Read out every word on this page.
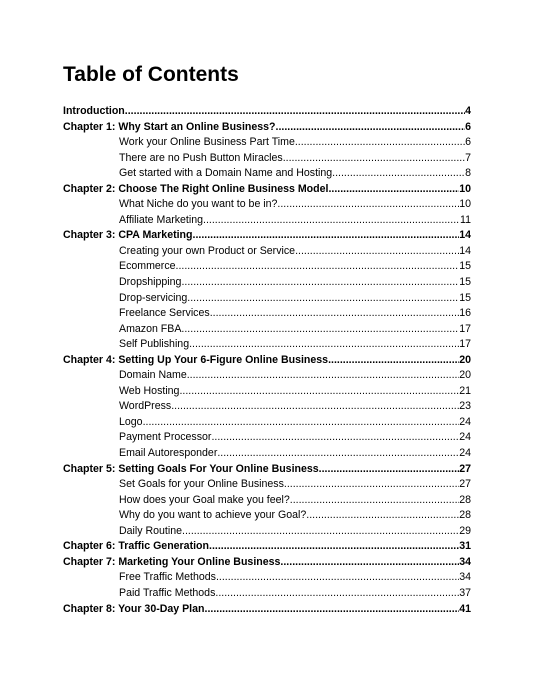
Table of Contents
Introduction .....	4
Chapter 1: Why Start an Online Business? .....	6
Work your Online Business Part Time .....	6
There are no Push Button Miracles .....	7
Get started with a Domain Name and Hosting .....	8
Chapter 2: Choose The Right Online Business Model .....	10
What Niche do you want to be in? .....	10
Affiliate Marketing .....	11
Chapter 3: CPA Marketing .....	14
Creating your own Product or Service .....	14
Ecommerce .....	15
Dropshipping .....	15
Drop-servicing .....	15
Freelance Services .....	16
Amazon FBA .....	17
Self Publishing .....	17
Chapter 4: Setting Up Your 6-Figure Online Business .....	20
Domain Name .....	20
Web Hosting .....	21
WordPress .....	23
Logo .....	24
Payment Processor .....	24
Email Autoresponder .....	24
Chapter 5: Setting Goals For Your Online Business .....	27
Set Goals for your Online Business .....	27
How does your Goal make you feel? .....	28
Why do you want to achieve your Goal? .....	28
Daily Routine .....	29
Chapter 6: Traffic Generation .....	31
Chapter 7: Marketing Your Online Business .....	34
Free Traffic Methods .....	34
Paid Traffic Methods .....	37
Chapter 8: Your 30-Day Plan .....	41
